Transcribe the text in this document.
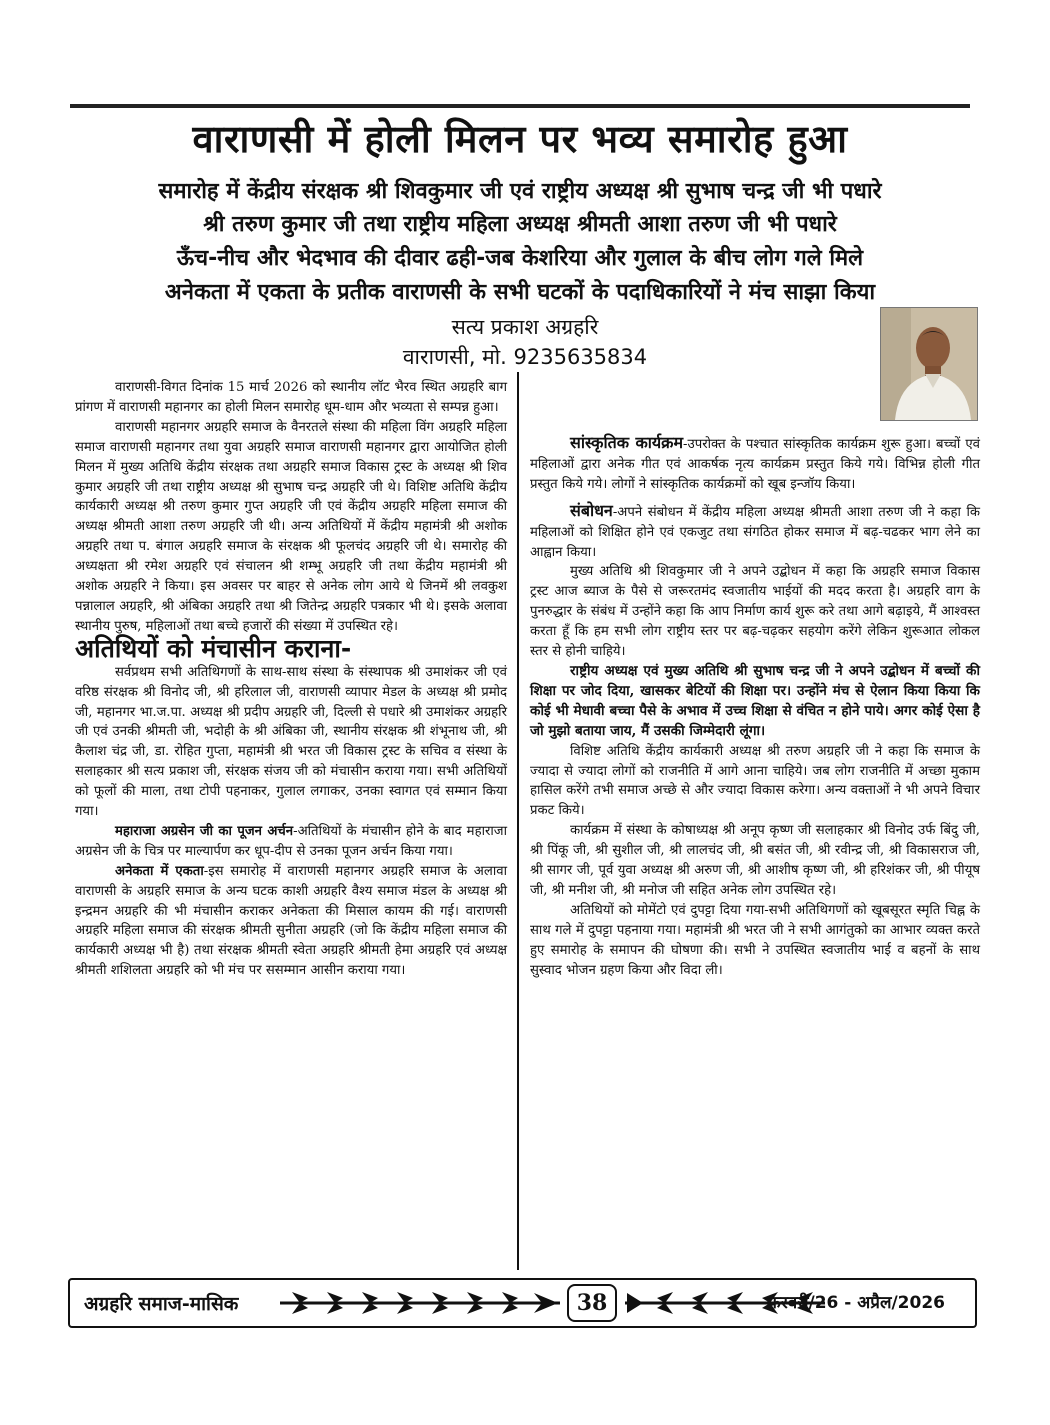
वाराणसी में होली मिलन पर भव्य समारोह हुआ
समारोह में केंद्रीय संरक्षक श्री शिवकुमार जी एवं राष्ट्रीय अध्यक्ष श्री सुभाष चन्द्र जी भी पधारे
श्री तरुण कुमार जी तथा राष्ट्रीय महिला अध्यक्ष श्रीमती आशा तरुण जी भी पधारे
ऊँच-नीच और भेदभाव की दीवार ढही-जब केशरिया और गुलाल के बीच लोग गले मिले
अनेकता में एकता के प्रतीक वाराणसी के सभी घटकों के पदाधिकारियों ने मंच साझा किया
सत्य प्रकाश अग्रहरि
वाराणसी, मो. 9235635834

वाराणसी-विगत दिनांक 15 मार्च 2026 को स्थानीय लॉट भैरव स्थित अग्रहरि बाग प्रांगण में वाराणसी महानगर का होली मिलन समारोह धूम-धाम और भव्यता से सम्पन्न हुआ।

वाराणसी महानगर अग्रहरि समाज के वैनरतले संस्था की महिला विंग अग्रहरि महिला समाज वाराणसी महानगर तथा युवा अग्रहरि समाज वाराणसी महानगर द्वारा आयोजित होली मिलन में मुख्य अतिथि केंद्रीय संरक्षक तथा अग्रहरि समाज विकास ट्रस्ट के अध्यक्ष श्री शिव कुमार अग्रहरि जी तथा राष्ट्रीय अध्यक्ष श्री सुभाष चन्द्र अग्रहरि जी थे। विशिष्ट अतिथि केंद्रीय कार्यकारी अध्यक्ष श्री तरुण कुमार गुप्त अग्रहरि जी एवं केंद्रीय अग्रहरि महिला समाज की अध्यक्ष श्रीमती आशा तरुण अग्रहरि जी थी। अन्य अतिथियों में केंद्रीय महामंत्री श्री अशोक अग्रहरि तथा प. बंगाल अग्रहरि समाज के संरक्षक श्री फूलचंद अग्रहरि जी थे। समारोह की अध्यक्षता श्री रमेश अग्रहरि एवं संचालन श्री शम्भू अग्रहरि जी तथा केंद्रीय महामंत्री श्री अशोक अग्रहरि ने किया। इस अवसर पर बाहर से अनेक लोग आये थे जिनमें श्री लवकुश पन्नालाल अग्रहरि, श्री अंबिका अग्रहरि तथा श्री जितेन्द्र अग्रहरि पत्रकार भी थे। इसके अलावा स्थानीय पुरुष, महिलाओं तथा बच्चे हजारों की संख्या में उपस्थित रहे।

अतिथियों को मंचासीन कराना-

सर्वप्रथम सभी अतिथिगणों के साथ-साथ संस्था के संस्थापक श्री उमाशंकर जी एवं वरिष्ठ संरक्षक श्री विनोद जी, श्री हरिलाल जी, वाराणसी व्यापार मेडल के अध्यक्ष श्री प्रमोद जी, महानगर भा.ज.पा. अध्यक्ष श्री प्रदीप अग्रहरि जी, दिल्ली से पधारे श्री उमाशंकर अग्रहरि जी एवं उनकी श्रीमती जी, भदोही के श्री अंबिका जी, स्थानीय संरक्षक श्री शंभूनाथ जी, श्री कैलाश चंद्र जी, डा. रोहित गुप्ता, महामंत्री श्री भरत जी विकास ट्रस्ट के सचिव व संस्था के सलाहकार श्री सत्य प्रकाश जी, संरक्षक संजय जी को मंचासीन कराया गया। सभी अतिथियों को फूलों की माला, तथा टोपी पहनाकर, गुलाल लगाकर, उनका स्वागत एवं सम्मान किया गया।

महाराजा अग्रसेन जी का पूजन अर्चन-अतिथियों के मंचासीन होने के बाद महाराजा अग्रसेन जी के चित्र पर माल्यार्पण कर धूप-दीप से उनका पूजन अर्चन किया गया।

अनेकता में एकता-इस समारोह में वाराणसी महानगर अग्रहरि समाज के अलावा वाराणसी के अग्रहरि समाज के अन्य घटक काशी अग्रहरि वैश्य समाज मंडल के अध्यक्ष श्री इन्द्रमन अग्रहरि की भी मंचासीन कराकर अनेकता की मिसाल कायम की गई। वाराणसी अग्रहरि महिला समाज की संरक्षक श्रीमती सुनीता अग्रहरि (जो कि केंद्रीय महिला समाज की कार्यकारी अध्यक्ष भी है) तथा संरक्षक श्रीमती स्वेता अग्रहरि श्रीमती हेमा अग्रहरि एवं अध्यक्ष श्रीमती शशिलता अग्रहरि को भी मंच पर ससम्मान आसीन कराया गया।

सांस्कृतिक कार्यक्रम-उपरोक्त के पश्चात सांस्कृतिक कार्यक्रम शुरू हुआ। बच्चों एवं महिलाओं द्वारा अनेक गीत एवं आकर्षक नृत्य कार्यक्रम प्रस्तुत किये गये। विभिन्न होली गीत प्रस्तुत किये गये। लोगों ने सांस्कृतिक कार्यक्रमों को खूब इन्जॉय किया।

संबोधन-अपने संबोधन में केंद्रीय महिला अध्यक्ष श्रीमती आशा तरुण जी ने कहा कि महिलाओं को शिक्षित होने एवं एकजुट तथा संगठित होकर समाज में बढ़-चढकर भाग लेने का आह्वान किया।

मुख्य अतिथि श्री शिवकुमार जी ने अपने उद्बोधन में कहा कि अग्रहरि समाज विकास ट्रस्ट आज ब्याज के पैसे से जरूरतमंद स्वजातीय भाईयों की मदद करता है। अग्रहरि वाग के पुनरुद्धार के संबंध में उन्होंने कहा कि आप निर्माण कार्य शुरू करे तथा आगे बढ़ाइये, मैं आश्वस्त करता हूँ कि हम सभी लोग राष्ट्रीय स्तर पर बढ़-चढ़कर सहयोग करेंगे लेकिन शुरूआत लोकल स्तर से होनी चाहिये।

राष्ट्रीय अध्यक्ष एवं मुख्य अतिथि श्री सुभाष चन्द्र जी ने अपने उद्बोधन में बच्चों की शिक्षा पर जोद दिया, खासकर बेटियों की शिक्षा पर। उन्होंने मंच से ऐलान किया किया कि कोई भी मेधावी बच्चा पैसे के अभाव में उच्च शिक्षा से वंचित न होने पाये। अगर कोई ऐसा है जो मुझो बताया जाय, मैं उसकी जिम्मेदारी लूंगा।

विशिष्ट अतिथि केंद्रीय कार्यकारी अध्यक्ष श्री तरुण अग्रहरि जी ने कहा कि समाज के ज्यादा से ज्यादा लोगों को राजनीति में आगे आना चाहिये। जब लोग राजनीति में अच्छा मुकाम हासिल करेंगे तभी समाज अच्छे से और ज्यादा विकास करेगा। अन्य वक्ताओं ने भी अपने विचार प्रकट किये।

कार्यक्रम में संस्था के कोषाध्यक्ष श्री अनूप कृष्ण जी सलाहकार श्री विनोद उर्फ बिंदु जी, श्री पिंकू जी, श्री सुशील जी, श्री लालचंद जी, श्री बसंत जी, श्री रवीन्द्र जी, श्री विकासराज जी, श्री सागर जी, पूर्व युवा अध्यक्ष श्री अरुण जी, श्री आशीष कृष्ण जी, श्री हरिशंकर जी, श्री पीयूष जी, श्री मनीश जी, श्री मनोज जी सहित अनेक लोग उपस्थित रहे।

अतिथियों को मोमेंटो एवं दुपट्टा दिया गया-सभी अतिथिगणों को खूबसूरत स्मृति चिह्न के साथ गले में दुपट्टा पहनाया गया। महामंत्री श्री भरत जी ने सभी आगंतुको का आभार व्यक्त करते हुए समारोह के समापन की घोषणा की। सभी ने उपस्थित स्वजातीय भाई व बहनों के साथ सुस्वाद भोजन ग्रहण किया और विदा ली।

अग्रहरि समाज-मासिक	38	फरवरी/26 - अप्रैल/2026
